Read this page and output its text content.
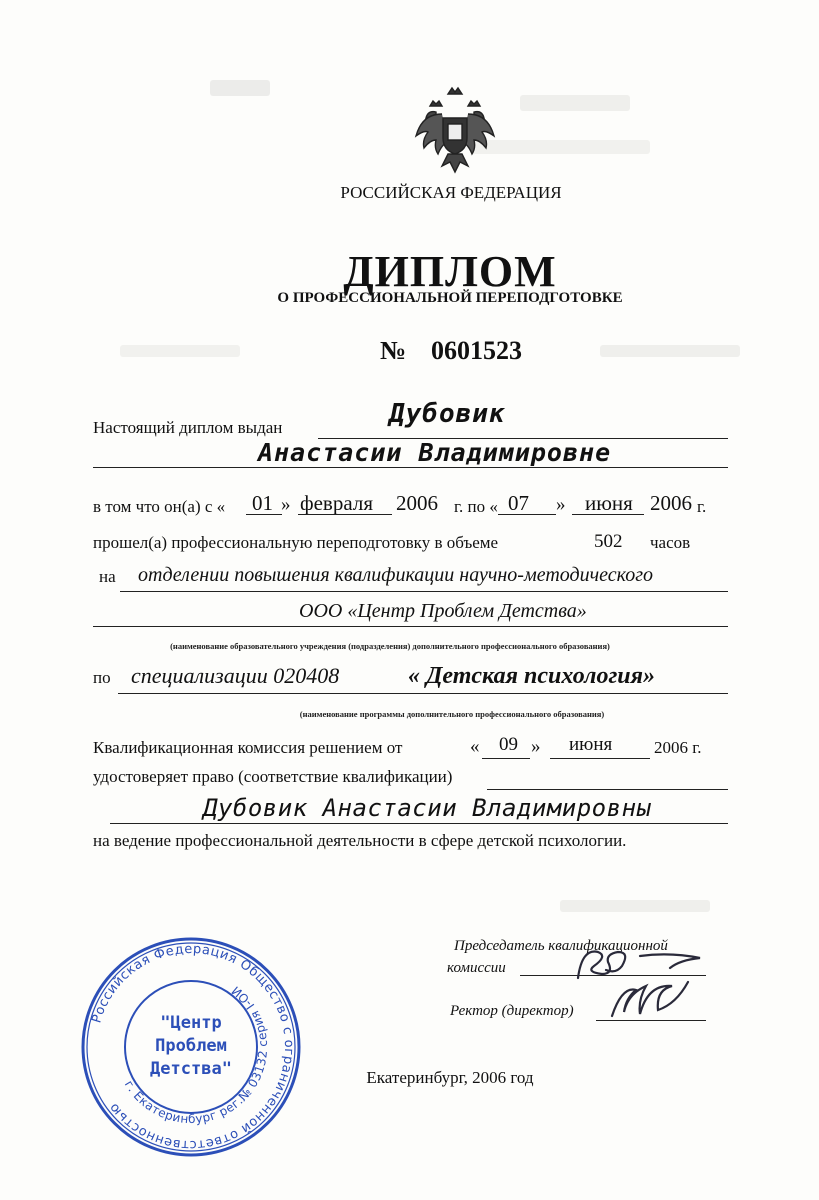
РОССИЙСКАЯ ФЕДЕРАЦИЯ
ДИПЛОМ
О ПРОФЕССИОНАЛЬНОЙ ПЕРЕПОДГОТОВКЕ
№ 0601523
Настоящий диплом выдан	Дубовик
Анастасии Владимировне
в том что он(а) с « 01 » февраля 2006 г. по « 07 » июня 2006 г.
прошел(а) профессиональную переподготовку в объеме	502 часов
на отделении повышения квалификации научно-методического
ООО «Центр Проблем Детства»
(наименование образовательного учреждения (подразделения) дополнительного профессионального образования)
по специализации 020408	« Детская психология»
(наименование программы дополнительного профессионального образования)
Квалификационная комиссия решением от	« 09 » июня 2006 г.
удостоверяет право (соответствие квалификации)
Дубовик Анастасии Владимировны
на ведение профессиональной деятельности в сфере детской психологии.
Председатель квалификационной
комиссии
Ректор (директор)
Екатеринбург, 2006 год
Российская Федерация Общество с ограниченной ответственностью
г. Екатеринбург рег.№ 03132 серия I-ОИ
"Центр
Проблем
Детства"
